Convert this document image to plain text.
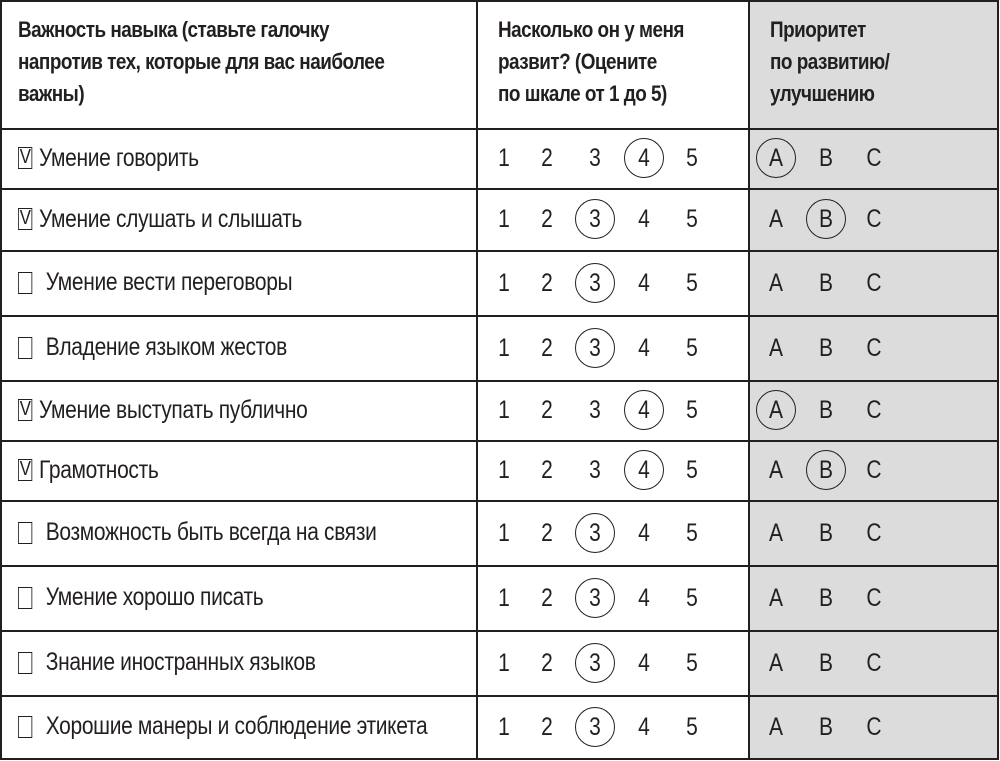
Важность навыка (ставьте галочку
напротив тех, которые для вас наиболее
важны)
Насколько он у меня
развит? (Оцените
по шкале от 1 до 5)
Приоритет
по развитию/
улучшению
V Умение говорить	1	2	3	4	5	A	B	C
V Умение слушать и слышать	1	2	3	4	5	A	B	C
Умение вести переговоры	1	2	3	4	5	A	B	C
Владение языком жестов	1	2	3	4	5	A	B	C
V Умение выступать публично	1	2	3	4	5	A	B	C
V Грамотность	1	2	3	4	5	A	B	C
Возможность быть всегда на связи	1	2	3	4	5	A	B	C
Умение хорошо писать	1	2	3	4	5	A	B	C
Знание иностранных языков	1	2	3	4	5	A	B	C
Хорошие манеры и соблюдение этикета	1	2	3	4	5	A	B	C
